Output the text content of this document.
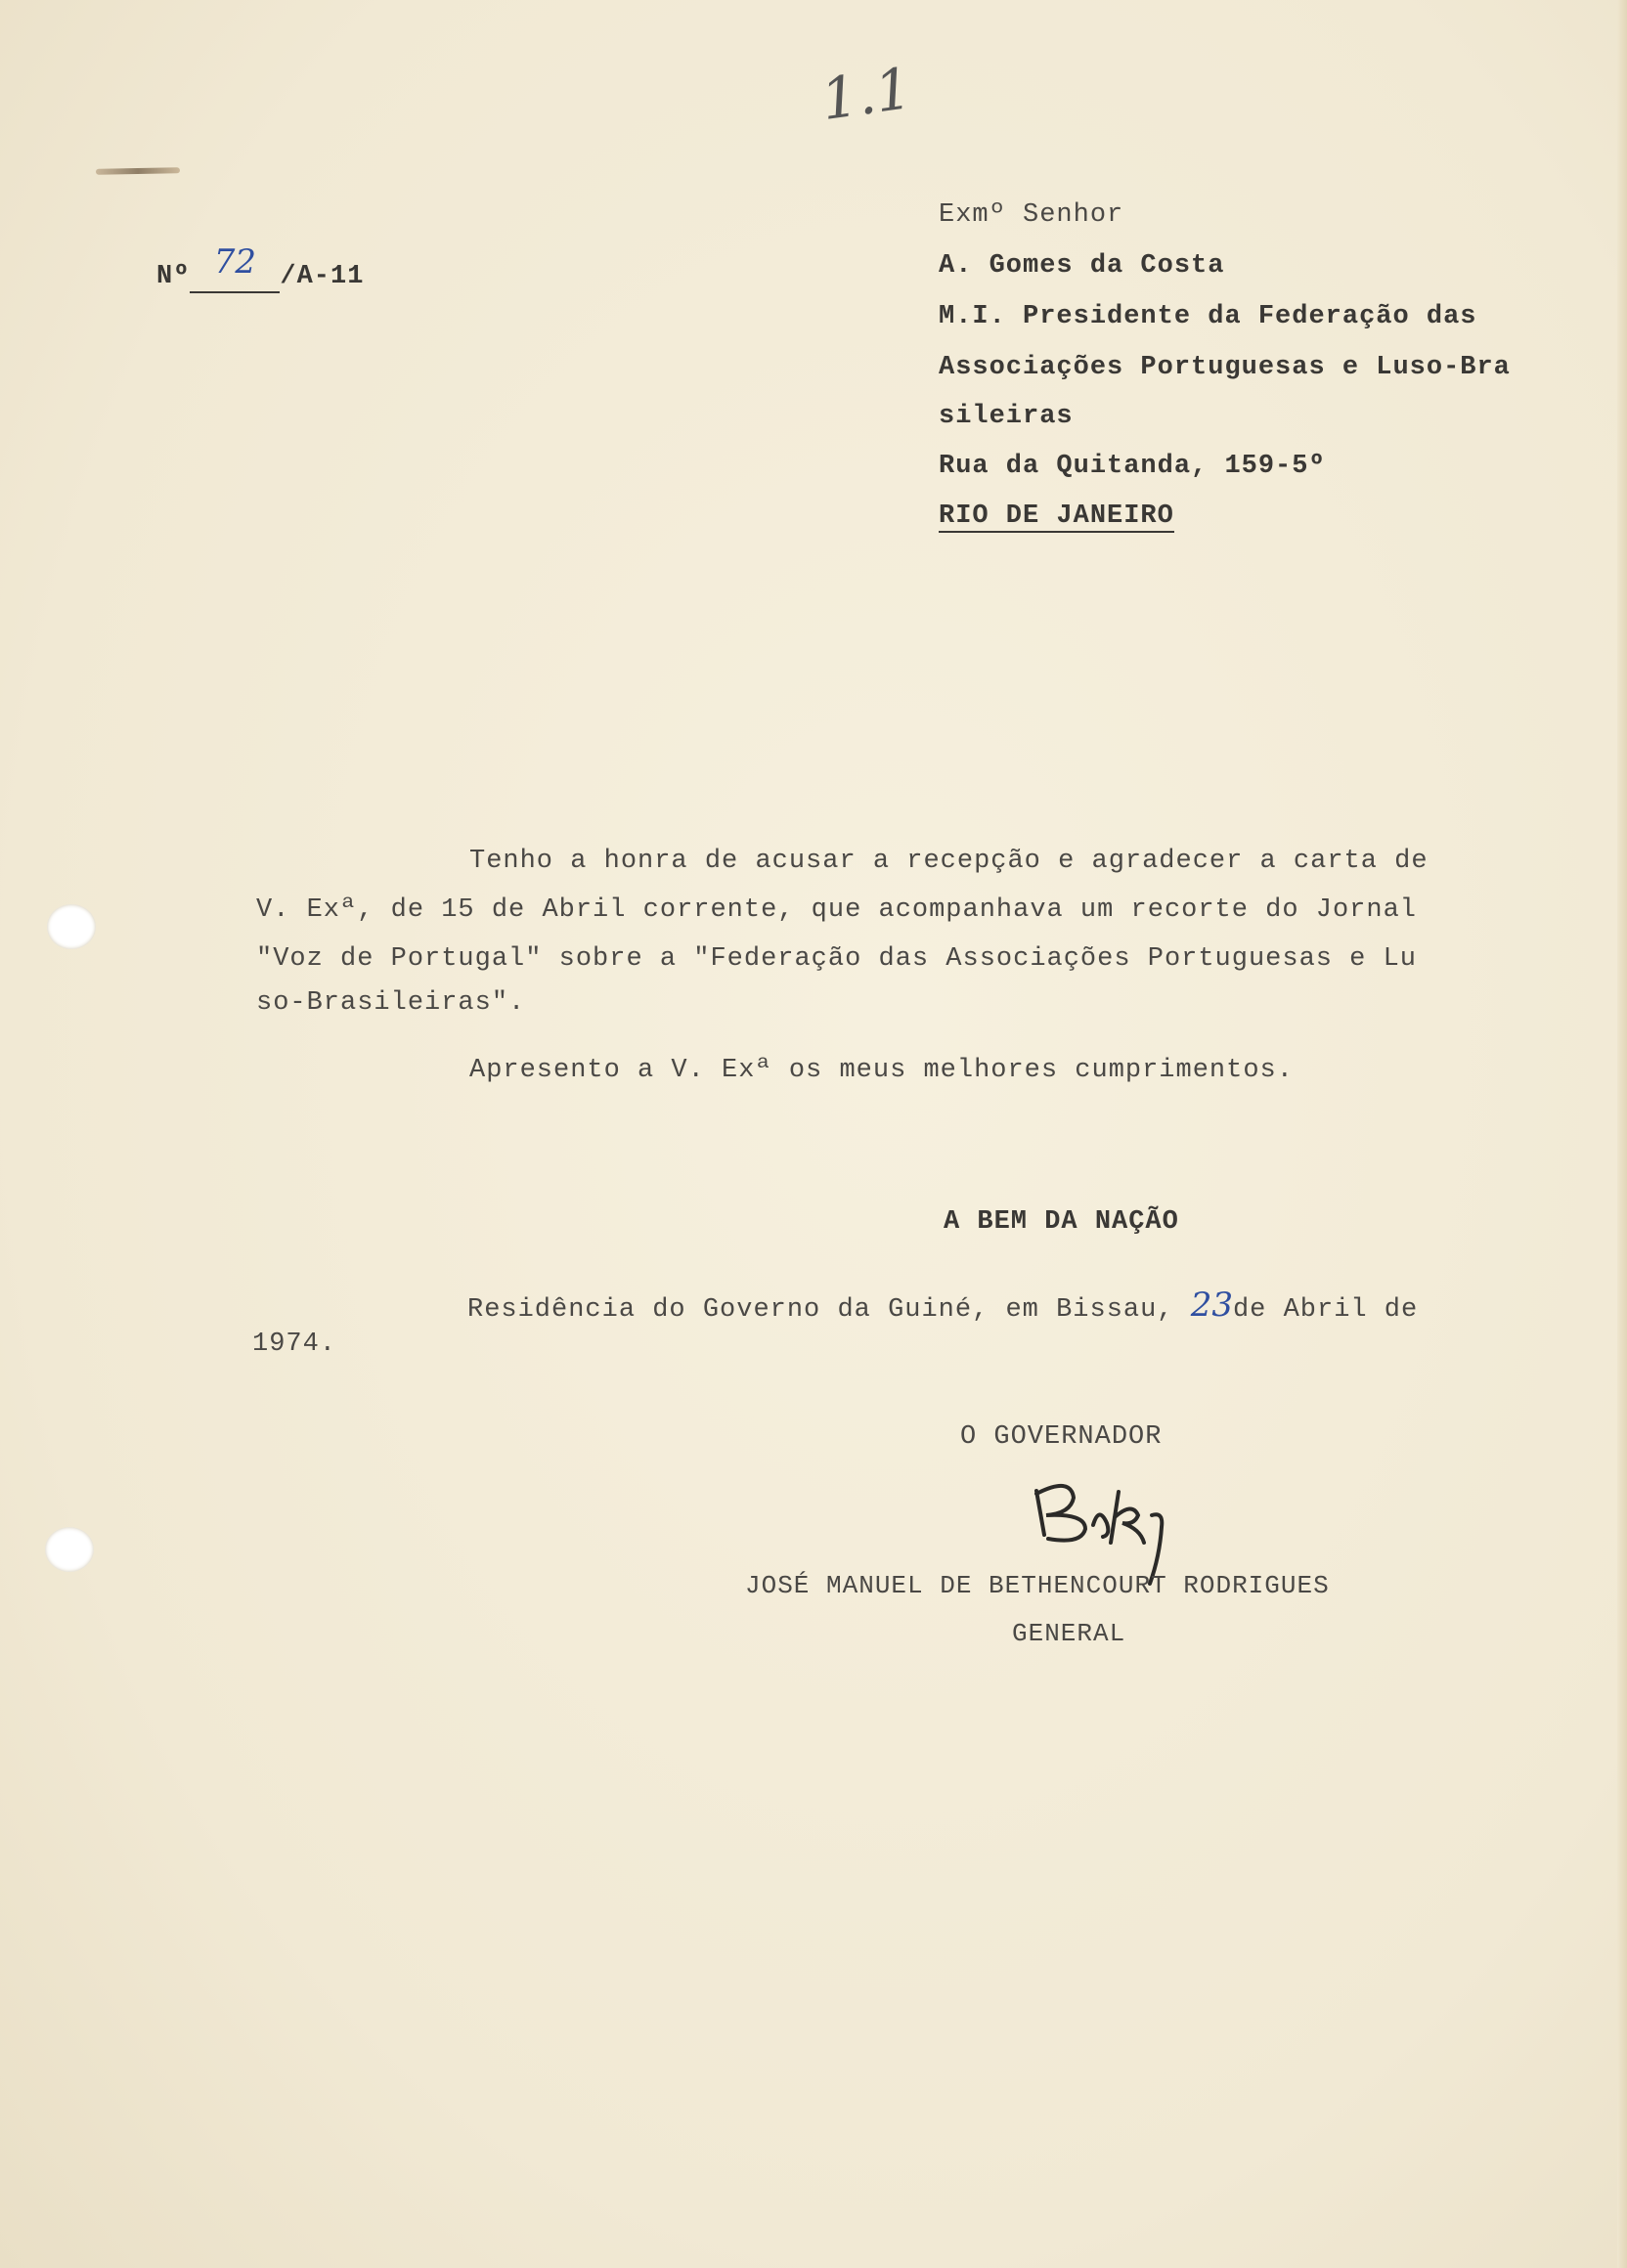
1.1
Nº 72 /A-11
Exmº Senhor
A. Gomes da Costa
M.I. Presidente da Federação das
Associações Portuguesas e Luso-Bra
sileiras
Rua da Quitanda, 159-5º
RIO DE JANEIRO
Tenho a honra de acusar a recepção e agradecer a carta de
V. Exª, de 15 de Abril corrente, que acompanhava um recorte do Jornal
"Voz de Portugal" sobre a "Federação das Associações Portuguesas e Lu
so-Brasileiras".
Apresento a V. Exª os meus melhores cumprimentos.
A BEM DA NAÇÃO
Residência do Governo da Guiné, em Bissau, 23de Abril de
1974.
O GOVERNADOR
JOSÉ MANUEL DE BETHENCOURT RODRIGUES
GENERAL
